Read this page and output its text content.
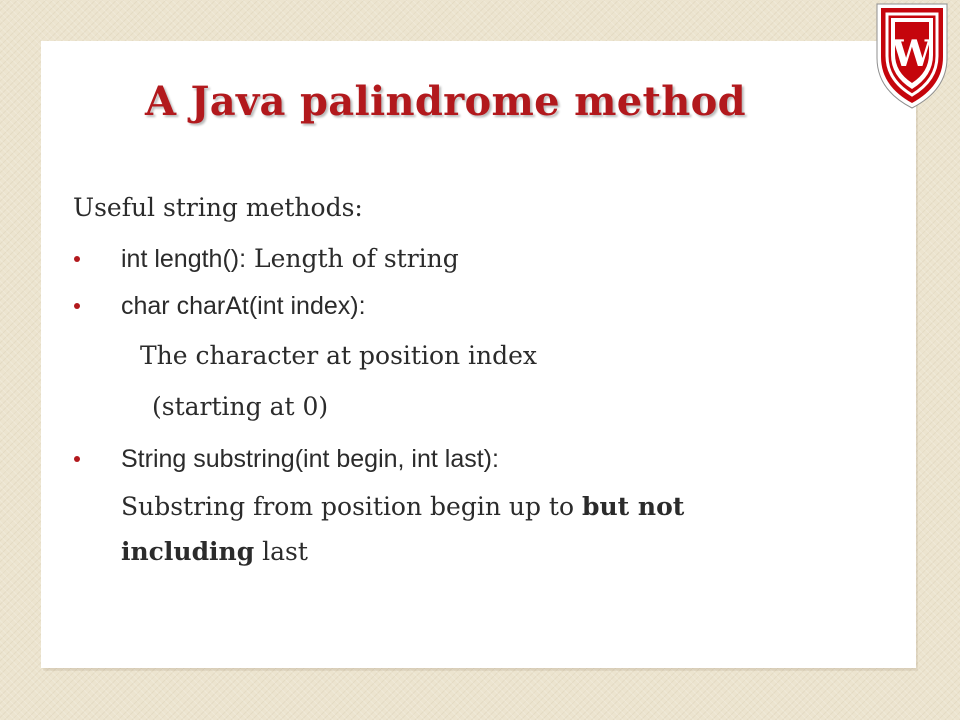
W
A Java palindrome method
Useful string methods:
int length(): Length of string
char charAt(int index):
The character at position index
(starting at 0)
String substring(int begin, int last):
Substring from position begin up to but not
including last
